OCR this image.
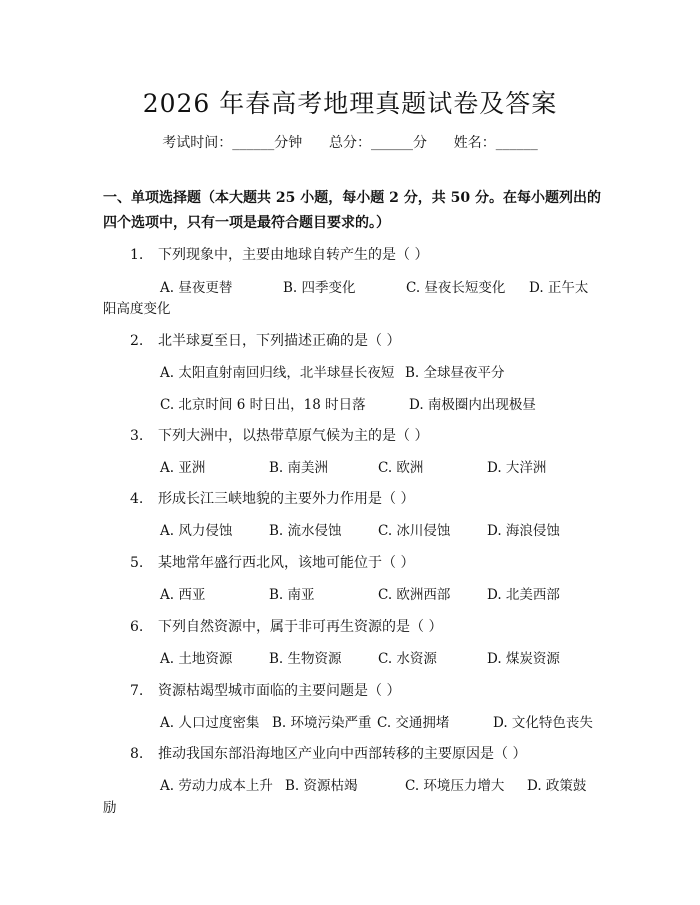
2026 年春高考地理真题试卷及答案
考试时间：______分钟 总分：______分 姓名：______
一、单项选择题（本大题共 25 小题，每小题 2 分，共 50 分。在每小题列出的四个选项中，只有一项是最符合题目要求的。）
1. 下列现象中，主要由地球自转产生的是（ ）
A. 昼夜更替	B. 四季变化	C. 昼夜长短变化 D. 正午太
阳高度变化
2. 北半球夏至日，下列描述正确的是（ ）
A. 太阳直射南回归线，北半球昼长夜短 B. 全球昼夜平分
C. 北京时间 6 时日出，18 时日落	D. 南极圈内出现极昼
3. 下列大洲中，以热带草原气候为主的是（ ）
A. 亚洲	B. 南美洲	C. 欧洲	D. 大洋洲
4. 形成长江三峡地貌的主要外力作用是（ ）
A. 风力侵蚀	B. 流水侵蚀	C. 冰川侵蚀	D. 海浪侵蚀
5. 某地常年盛行西北风，该地可能位于（ ）
A. 西亚	B. 南亚	C. 欧洲西部	D. 北美西部
6. 下列自然资源中，属于非可再生资源的是（ ）
A. 土地资源	B. 生物资源	C. 水资源	D. 煤炭资源
7. 资源枯竭型城市面临的主要问题是（ ）
A. 人口过度密集 B. 环境污染严重 C. 交通拥堵	D. 文化特色丧失
8. 推动我国东部沿海地区产业向中西部转移的主要原因是（ ）
A. 劳动力成本上升 B. 资源枯竭	C. 环境压力增大 D. 政策鼓
励
